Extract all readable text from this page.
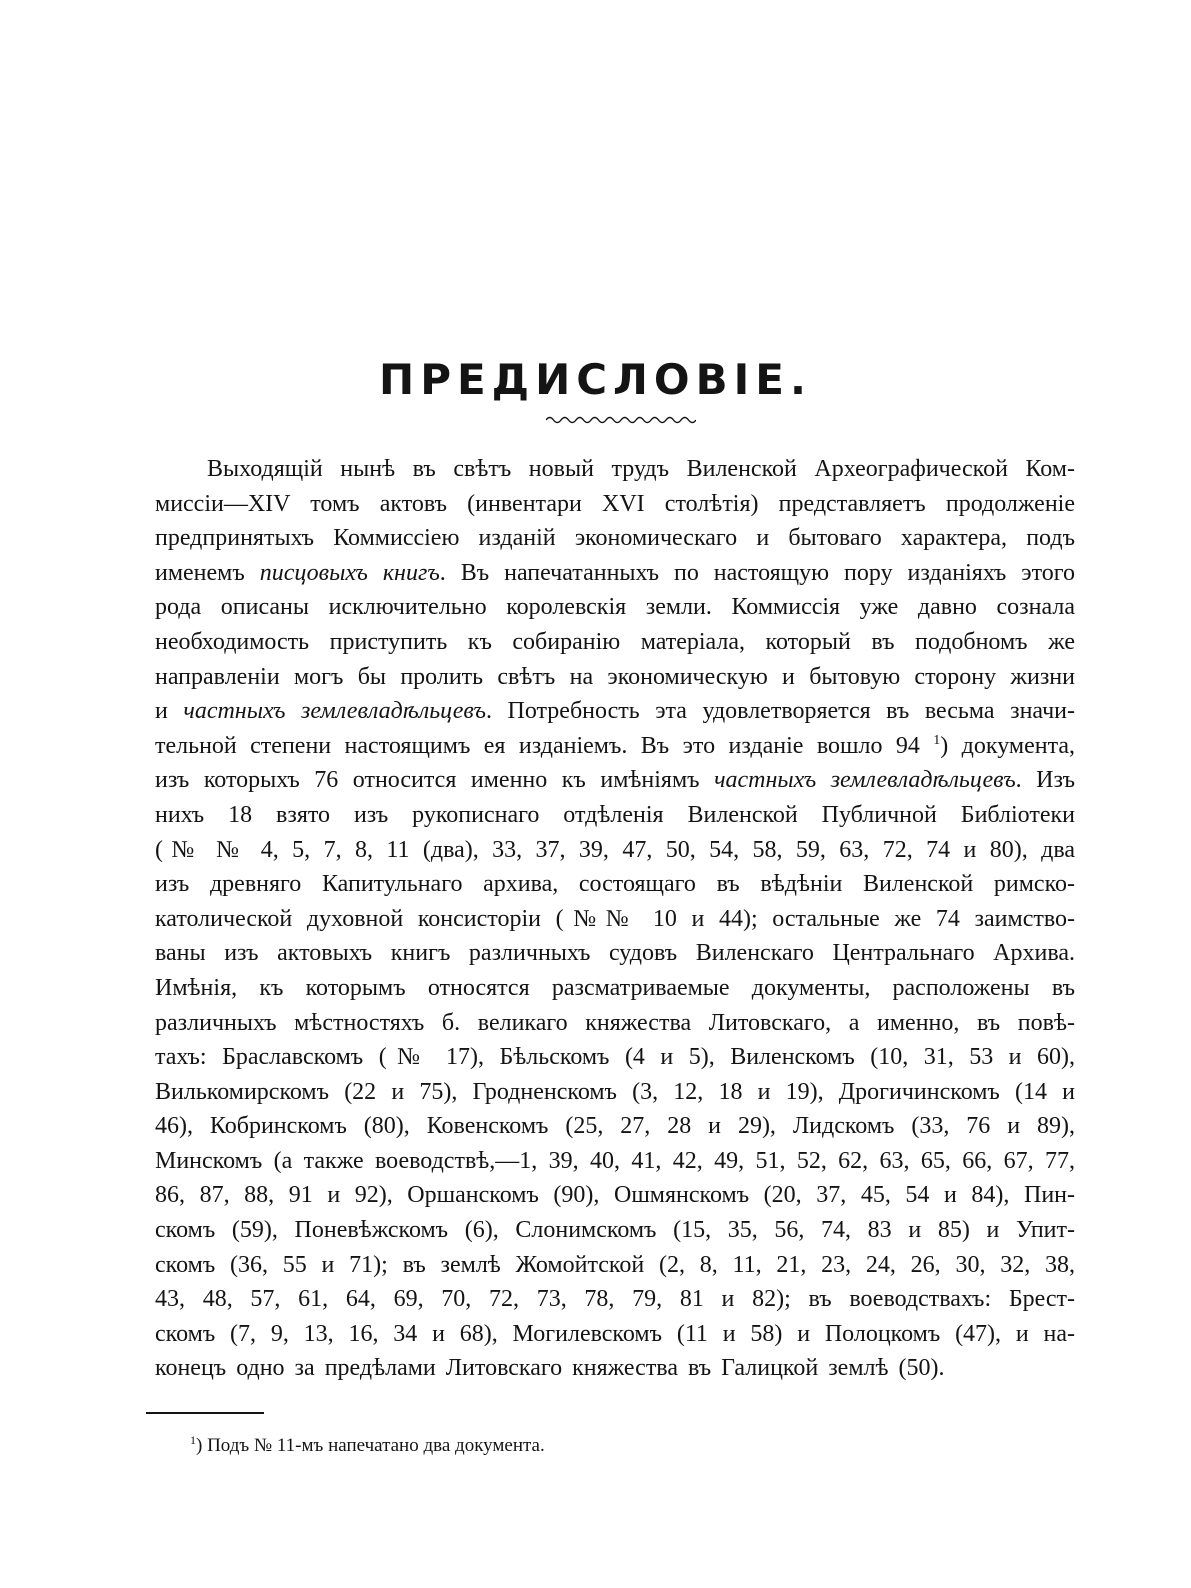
ПРЕДИСЛОВІЕ.
Выходящій нынѣ въ свѣтъ новый трудъ Виленской Археографической Ком-
миссіи—XIV томъ актовъ (инвентари XVI столѣтія) представляетъ продолженіе
предпринятыхъ Коммиссіею изданій экономическаго и бытоваго характера, подъ
именемъ писцовыхъ книгъ. Въ напечатанныхъ по настоящую пору изданіяхъ этого
рода описаны исключительно королевскія земли. Коммиссія уже давно сознала
необходимость приступить къ собиранію матеріала, который въ подобномъ же
направленіи могъ бы пролить свѣтъ на экономическую и бытовую сторону жизни
и частныхъ землевладѣльцевъ. Потребность эта удовлетворяется въ весьма значи-
тельной степени настоящимъ ея изданіемъ. Въ это изданіе вошло 94 $^1$) документа,
изъ которыхъ 76 относится именно къ имѣніямъ частныхъ землевладѣльцевъ. Изъ
нихъ 18 взято изъ рукописнаго отдѣленія Виленской Публичной Библіотеки
(№ № 4, 5, 7, 8, 11 (два), 33, 37, 39, 47, 50, 54, 58, 59, 63, 72, 74 и 80), два
изъ древняго Капитульнаго архива, состоящаго въ вѣдѣніи Виленской римско-
католической духовной консисторіи (№№ 10 и 44); остальные же 74 заимство-
ваны изъ актовыхъ книгъ различныхъ судовъ Виленскаго Центральнаго Архива.
Имѣнія, къ которымъ относятся разсматриваемые документы, расположены въ
различныхъ мѣстностяхъ б. великаго княжества Литовскаго, а именно, въ повѣ-
тахъ: Браславскомъ (№ 17), Бѣльскомъ (4 и 5), Виленскомъ (10, 31, 53 и 60),
Вилькомирскомъ (22 и 75), Гродненскомъ (3, 12, 18 и 19), Дрогичинскомъ (14 и
46), Кобринскомъ (80), Ковенскомъ (25, 27, 28 и 29), Лидскомъ (33, 76 и 89),
Минскомъ (а также воеводствѣ,—1, 39, 40, 41, 42, 49, 51, 52, 62, 63, 65, 66, 67, 77,
86, 87, 88, 91 и 92), Оршанскомъ (90), Ошмянскомъ (20, 37, 45, 54 и 84), Пин-
скомъ (59), Поневѣжскомъ (6), Слонимскомъ (15, 35, 56, 74, 83 и 85) и Упит-
скомъ (36, 55 и 71); въ землѣ Жомойтской (2, 8, 11, 21, 23, 24, 26, 30, 32, 38,
43, 48, 57, 61, 64, 69, 70, 72, 73, 78, 79, 81 и 82); въ воеводствахъ: Брест-
скомъ (7, 9, 13, 16, 34 и 68), Могилевскомъ (11 и 58) и Полоцкомъ (47), и на-
конецъ одно за предѣлами Литовскаго княжества въ Галицкой землѣ (50).
$^1$) Подъ № 11-мъ напечатано два документа.
